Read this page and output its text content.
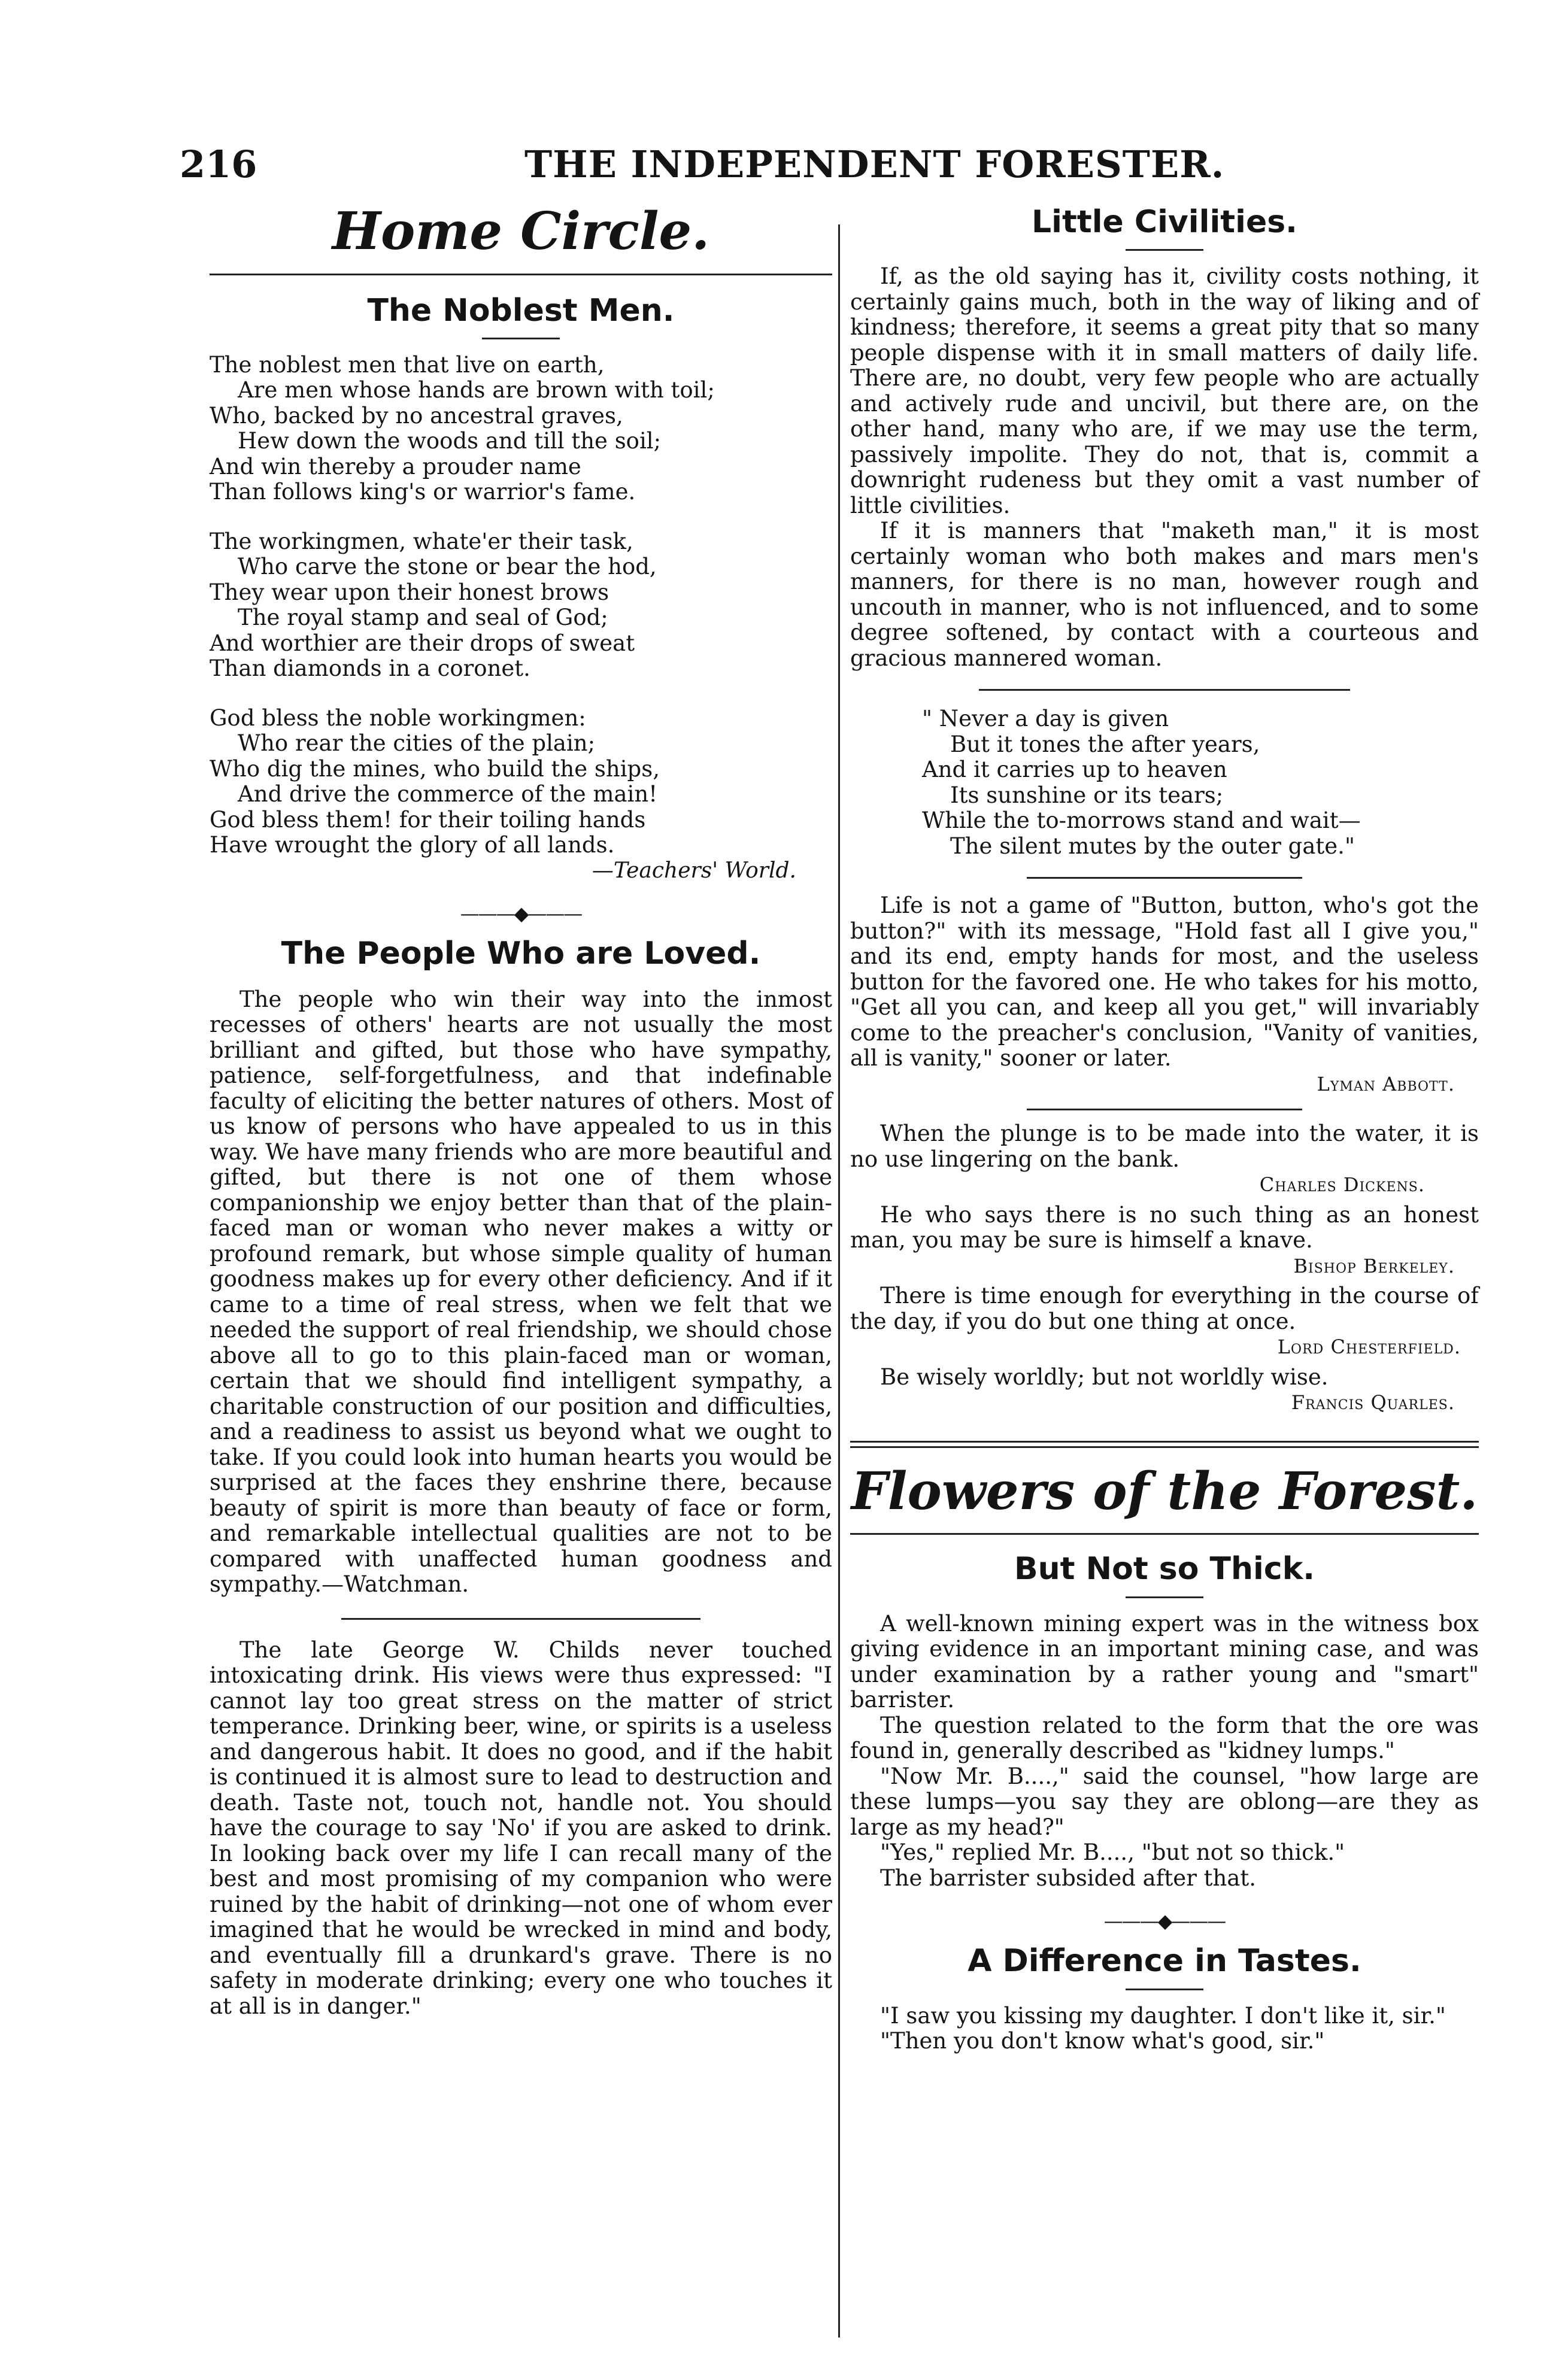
216	THE INDEPENDENT FORESTER.
Home Circle.
The Noblest Men.
The noblest men that live on earth,
Are men whose hands are brown with toil;
Who, backed by no ancestral graves,
Hew down the woods and till the soil;
And win thereby a prouder name
Than follows king's or warrior's fame.
The workingmen, whate'er their task,
Who carve the stone or bear the hod,
They wear upon their honest brows
The royal stamp and seal of God;
And worthier are their drops of sweat
Than diamonds in a coronet.
God bless the noble workingmen:
Who rear the cities of the plain;
Who dig the mines, who build the ships,
And drive the commerce of the main!
God bless them! for their toiling hands
Have wrought the glory of all lands.
—Teachers' World.
———◆———
The People Who are Loved.

The people who win their way into the inmost recesses of others' hearts are not usually the most brilliant and gifted, but those who have sympathy, patience, self-forgetfulness, and that indefinable faculty of eliciting the better natures of others. Most of us know of persons who have appealed to us in this way. We have many friends who are more beautiful and gifted, but there is not one of them whose companionship we enjoy better than that of the plain-faced man or woman who never makes a witty or profound remark, but whose simple quality of human goodness makes up for every other deficiency. And if it came to a time of real stress, when we felt that we needed the support of real friendship, we should chose above all to go to this plain-faced man or woman, certain that we should find intelligent sympathy, a charitable construction of our position and difficulties, and a readiness to assist us beyond what we ought to take. If you could look into human hearts you would be surprised at the faces they enshrine there, because beauty of spirit is more than beauty of face or form, and remarkable intellectual qualities are not to be compared with unaffected human goodness and sympathy.—Watchman.

The late George W. Childs never touched intoxicating drink. His views were thus expressed: "I cannot lay too great stress on the matter of strict temperance. Drinking beer, wine, or spirits is a useless and dangerous habit. It does no good, and if the habit is continued it is almost sure to lead to destruction and death. Taste not, touch not, handle not. You should have the courage to say 'No' if you are asked to drink. In looking back over my life I can recall many of the best and most promising of my companion who were ruined by the habit of drinking—not one of whom ever imagined that he would be wrecked in mind and body, and eventually fill a drunkard's grave. There is no safety in moderate drinking; every one who touches it at all is in danger."

Little Civilities.

If, as the old saying has it, civility costs nothing, it certainly gains much, both in the way of liking and of kindness; therefore, it seems a great pity that so many people dispense with it in small matters of daily life. There are, no doubt, very few people who are actually and actively rude and uncivil, but there are, on the other hand, many who are, if we may use the term, passively impolite. They do not, that is, commit a downright rudeness but they omit a vast number of little civilities.

If it is manners that "maketh man," it is most certainly woman who both makes and mars men's manners, for there is no man, however rough and uncouth in manner, who is not influenced, and to some degree softened, by contact with a courteous and gracious mannered woman.

" Never a day is given
But it tones the after years,
And it carries up to heaven
Its sunshine or its tears;
While the to-morrows stand and wait—
The silent mutes by the outer gate."

Life is not a game of "Button, button, who's got the button?" with its message, "Hold fast all I give you," and its end, empty hands for most, and the useless button for the favored one. He who takes for his motto, "Get all you can, and keep all you get," will invariably come to the preacher's conclusion, "Vanity of vanities, all is vanity," sooner or later.

Lyman Abbott.

When the plunge is to be made into the water, it is no use lingering on the bank.

Charles Dickens.

He who says there is no such thing as an honest man, you may be sure is himself a knave.

Bishop Berkeley.

There is time enough for everything in the course of the day, if you do but one thing at once.

Lord Chesterfield.

Be wisely worldly; but not worldly wise.

Francis Quarles.
Flowers of the Forest.
But Not so Thick.

A well-known mining expert was in the witness box giving evidence in an important mining case, and was under examination by a rather young and "smart" barrister.

The question related to the form that the ore was found in, generally described as "kidney lumps."

"Now Mr. B....," said the counsel, "how large are these lumps—you say they are oblong—are they as large as my head?"

"Yes," replied Mr. B...., "but not so thick."

The barrister subsided after that.

———◆———
A Difference in Tastes.

"I saw you kissing my daughter. I don't like it, sir."

"Then you don't know what's good, sir."
